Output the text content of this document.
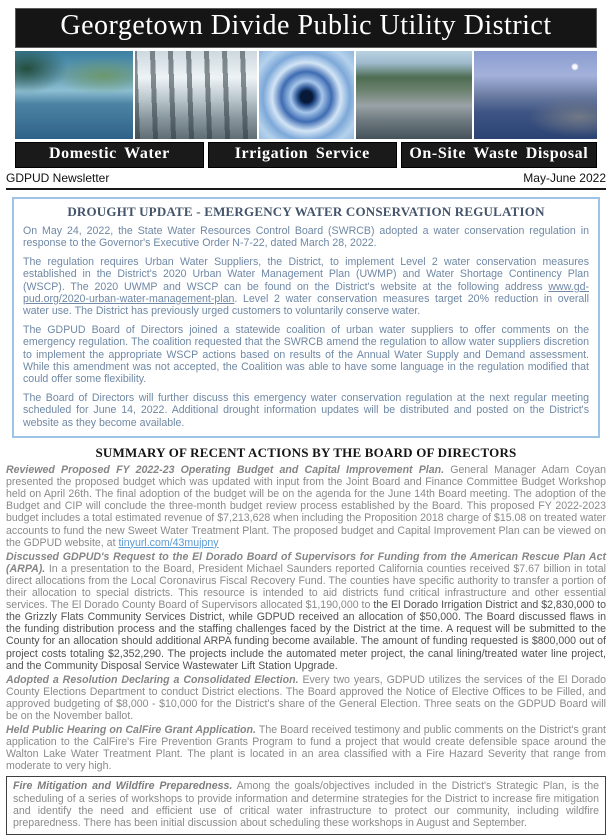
Georgetown Divide Public Utility District
Domestic Water	Irrigation Service	On-Site Waste Disposal
GDPUD Newsletter	May-June 2022
DROUGHT UPDATE - EMERGENCY WATER CONSERVATION REGULATION

On May 24, 2022, the State Water Resources Control Board (SWRCB) adopted a water conservation regulation in response to the Governor's Executive Order N-7-22, dated March 28, 2022.

The regulation requires Urban Water Suppliers, the District, to implement Level 2 water conservation measures established in the District's 2020 Urban Water Management Plan (UWMP) and Water Shortage Continency Plan (WSCP). The 2020 UWMP and WSCP can be found on the District's website at the following address www.gd-pud.org/2020-urban-water-management-plan. Level 2 water conservation measures target 20% reduction in overall water use. The District has previously urged customers to voluntarily conserve water.

The GDPUD Board of Directors joined a statewide coalition of urban water suppliers to offer comments on the emergency regulation. The coalition requested that the SWRCB amend the regulation to allow water suppliers discretion to implement the appropriate WSCP actions based on results of the Annual Water Supply and Demand assessment. While this amendment was not accepted, the Coalition was able to have some language in the regulation modified that could offer some flexibility.

The Board of Directors will further discuss this emergency water conservation regulation at the next regular meeting scheduled for June 14, 2022. Additional drought information updates will be distributed and posted on the District's website as they become available.

SUMMARY OF RECENT ACTIONS BY THE BOARD OF DIRECTORS

Reviewed Proposed FY 2022-23 Operating Budget and Capital Improvement Plan. General Manager Adam Coyan presented the proposed budget which was updated with input from the Joint Board and Finance Committee Budget Workshop held on April 26th. The final adoption of the budget will be on the agenda for the June 14th Board meeting. The adoption of the Budget and CIP will conclude the three-month budget review process established by the Board. This proposed FY 2022-2023 budget includes a total estimated revenue of $7,213,628 when including the Proposition 2018 charge of $15.08 on treated water accounts to fund the new Sweet Water Treatment Plant. The proposed budget and Capital Improvement Plan can be viewed on the GDPUD website, at tinyurl.com/43mujpny

Discussed GDPUD's Request to the El Dorado Board of Supervisors for Funding from the American Rescue Plan Act (ARPA). In a presentation to the Board, President Michael Saunders reported California counties received $7.67 billion in total direct allocations from the Local Coronavirus Fiscal Recovery Fund. The counties have specific authority to transfer a portion of their allocation to special districts. This resource is intended to aid districts fund critical infrastructure and other essential services. The El Dorado County Board of Supervisors allocated $1,190,000 to the El Dorado Irrigation District and $2,830,000 to the Grizzly Flats Community Services District, while GDPUD received an allocation of $50,000. The Board discussed flaws in the funding distribution process and the staffing challenges faced by the District at the time. A request will be submitted to the County for an allocation should additional ARPA funding become available. The amount of funding requested is $800,000 out of project costs totaling $2,352,290. The projects include the automated meter project, the canal lining/treated water line project, and the Community Disposal Service Wastewater Lift Station Upgrade.

Adopted a Resolution Declaring a Consolidated Election. Every two years, GDPUD utilizes the services of the El Dorado County Elections Department to conduct District elections. The Board approved the Notice of Elective Offices to be Filled, and approved budgeting of $8,000 - $10,000 for the District's share of the General Election. Three seats on the GDPUD Board will be on the November ballot.

Held Public Hearing on CalFire Grant Application. The Board received testimony and public comments on the District's grant application to the CalFire's Fire Prevention Grants Program to fund a project that would create defensible space around the Walton Lake Water Treatment Plant. The plant is located in an area classified with a Fire Hazard Severity that range from moderate to very high.

Fire Mitigation and Wildfire Preparedness. Among the goals/objectives included in the District's Strategic Plan, is the scheduling of a series of workshops to provide information and determine strategies for the District to increase fire mitigation and identify the need and efficient use of critical water infrastructure to protect our community, including wildfire preparedness. There has been initial discussion about scheduling these workshops in August and September.
